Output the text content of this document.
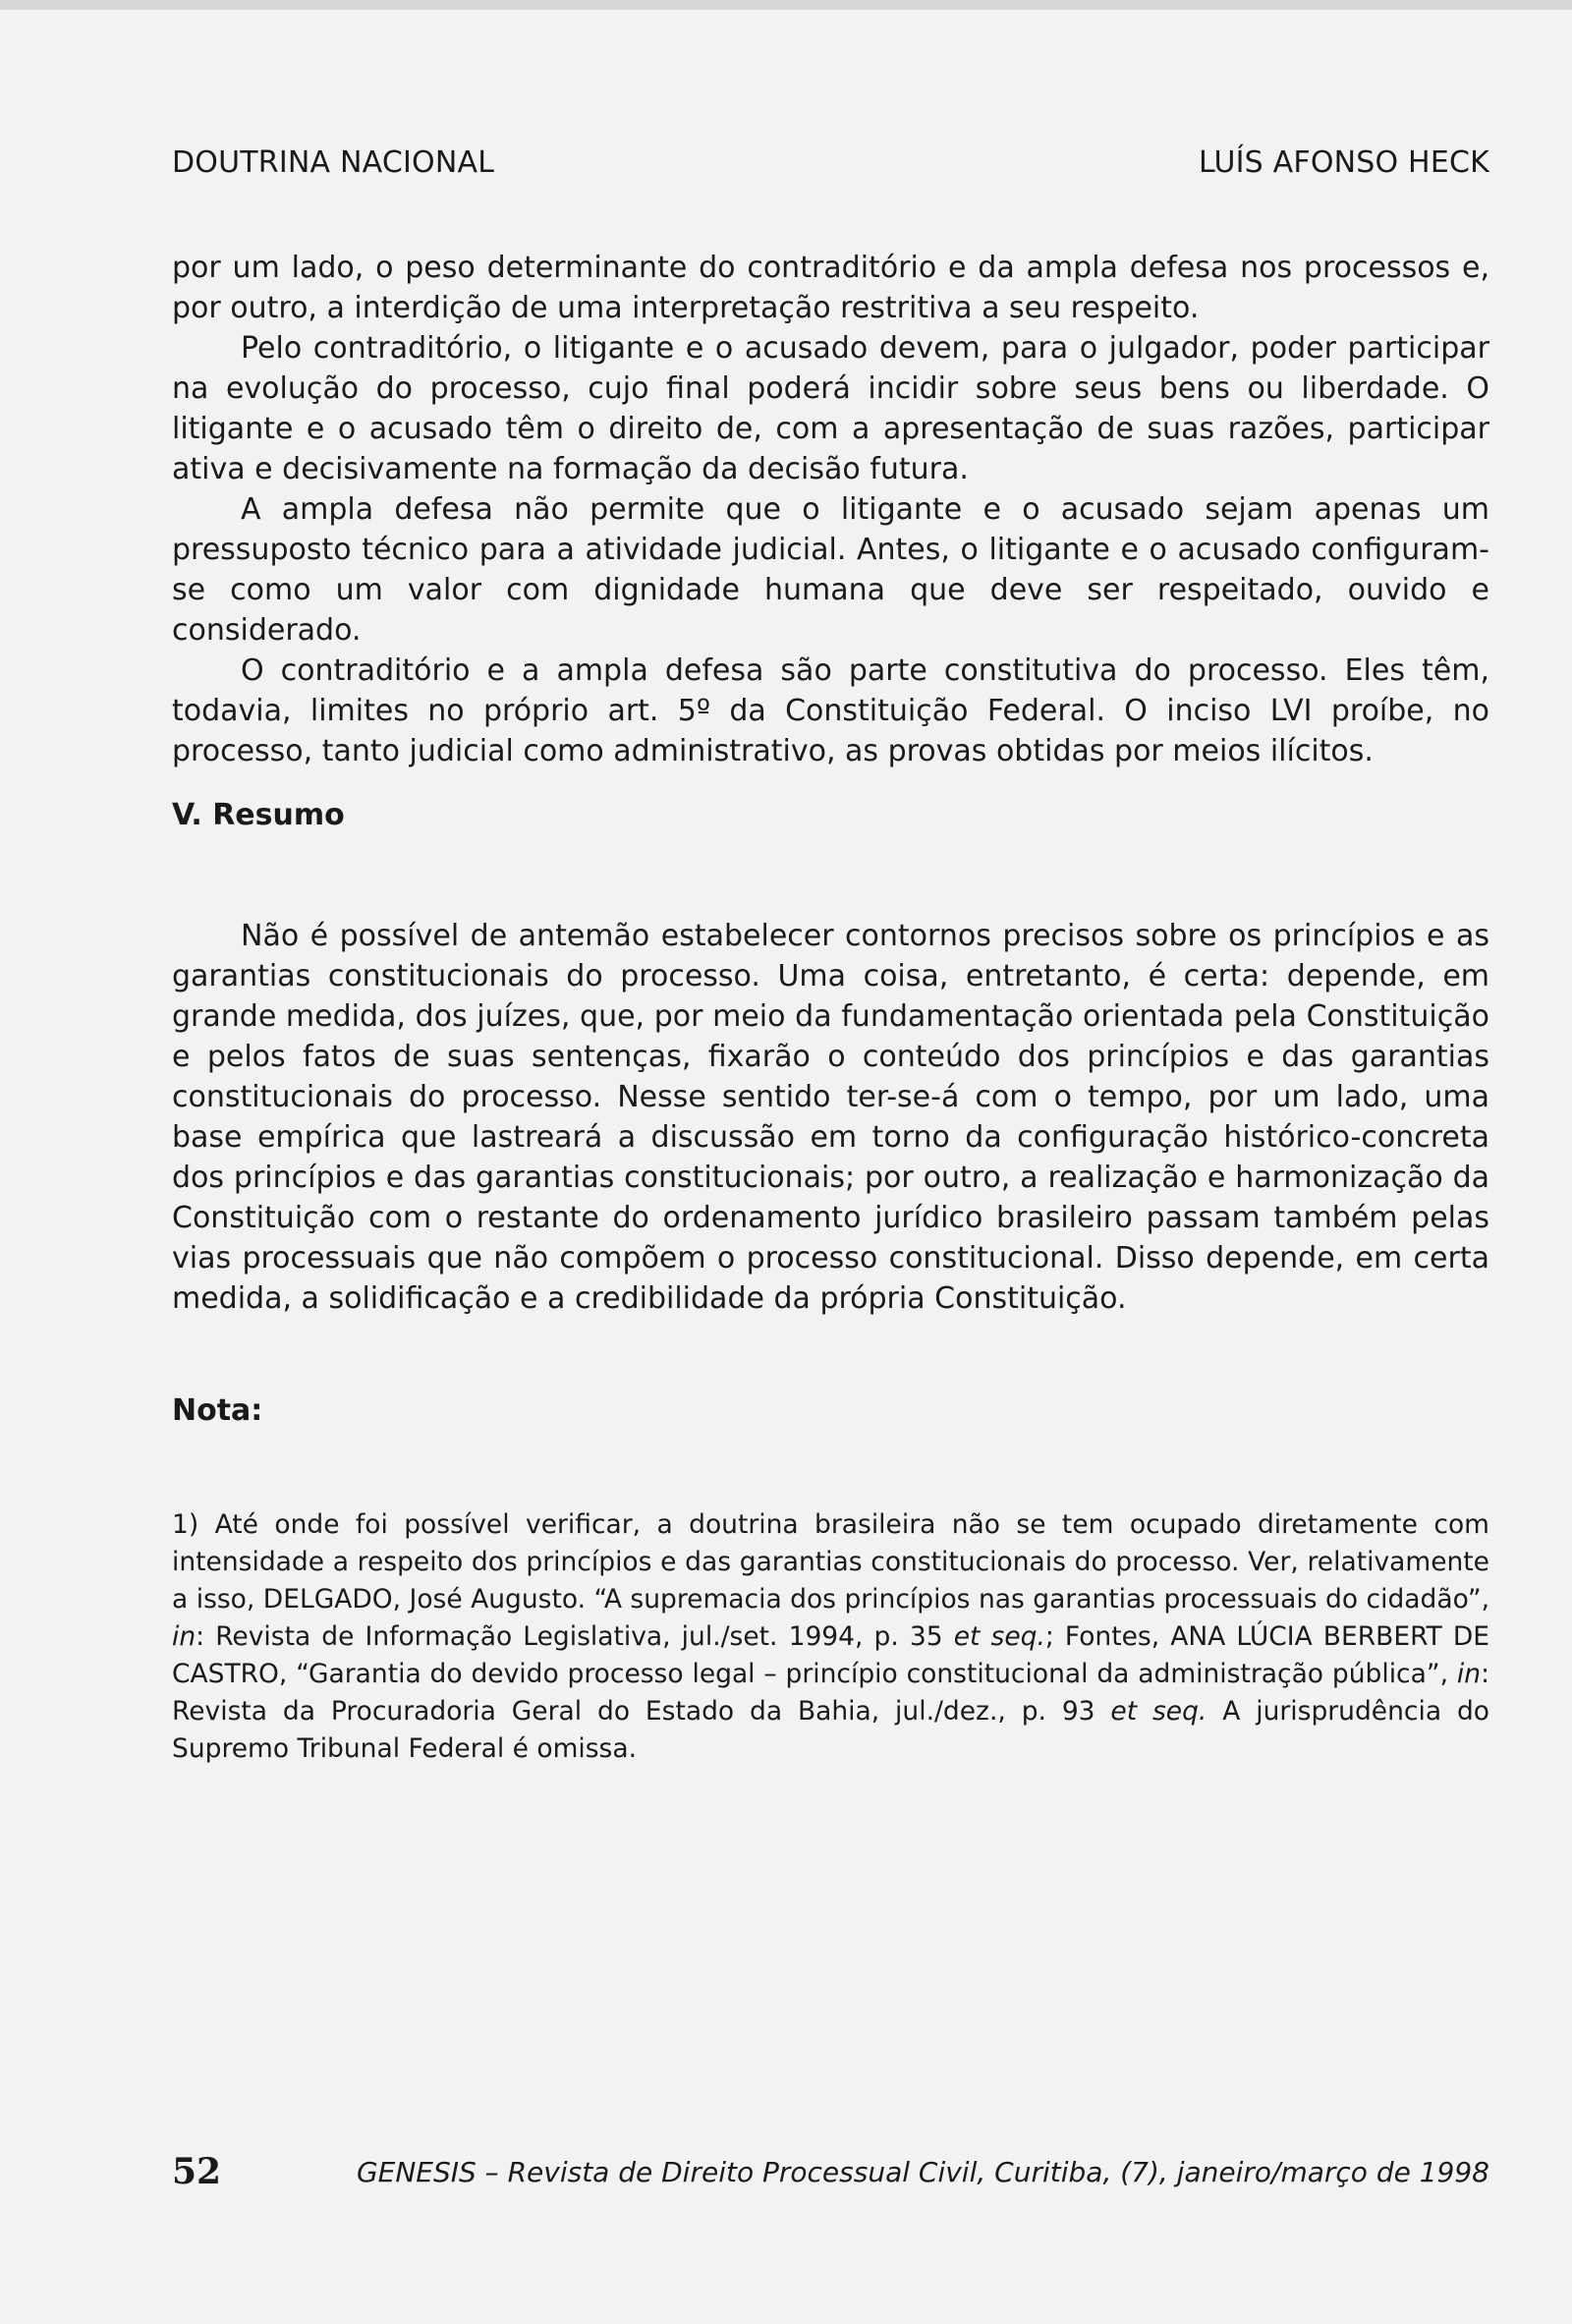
DOUTRINA NACIONAL	LUÍS AFONSO HECK

por um lado, o peso determinante do contraditório e da ampla defesa nos processos e, por outro, a interdição de uma interpretação restritiva a seu respeito.

Pelo contraditório, o litigante e o acusado devem, para o julgador, poder participar na evolução do processo, cujo final poderá incidir sobre seus bens ou liberdade. O litigante e o acusado têm o direito de, com a apresentação de suas razões, participar ativa e decisivamente na formação da decisão futura.

A ampla defesa não permite que o litigante e o acusado sejam apenas um pressuposto técnico para a atividade judicial. Antes, o litigante e o acusado configuram-se como um valor com dignidade humana que deve ser respeitado, ouvido e considerado.

O contraditório e a ampla defesa são parte constitutiva do processo. Eles têm, todavia, limites no próprio art. 5º da Constituição Federal. O inciso LVI proíbe, no processo, tanto judicial como administrativo, as provas obtidas por meios ilícitos.

V. Resumo

Não é possível de antemão estabelecer contornos precisos sobre os princípios e as garantias constitucionais do processo. Uma coisa, entretanto, é certa: depende, em grande medida, dos juízes, que, por meio da fundamentação orientada pela Constituição e pelos fatos de suas sentenças, fixarão o conteúdo dos princípios e das garantias constitucionais do processo. Nesse sentido ter-se-á com o tempo, por um lado, uma base empírica que lastreará a discussão em torno da configuração histórico-concreta dos princípios e das garantias constitucionais; por outro, a realização e harmonização da Constituição com o restante do ordenamento jurídico brasileiro passam também pelas vias processuais que não compõem o processo constitucional. Disso depende, em certa medida, a solidificação e a credibilidade da própria Constituição.

Nota:
1) Até onde foi possível verificar, a doutrina brasileira não se tem ocupado diretamente com intensidade a respeito dos princípios e das garantias constitucionais do processo. Ver, relativamente a isso, DELGADO, José Augusto. “A supremacia dos princípios nas garantias processuais do cidadão”, in: Revista de Informação Legislativa, jul./set. 1994, p. 35 et seq.; Fontes, ANA LÚCIA BERBERT DE CASTRO, “Garantia do devido processo legal – princípio constitucional da administração pública”, in: Revista da Procuradoria Geral do Estado da Bahia, jul./dez., p. 93 et seq. A jurisprudência do Supremo Tribunal Federal é omissa.
52	GENESIS – Revista de Direito Processual Civil, Curitiba, (7), janeiro/março de 1998
